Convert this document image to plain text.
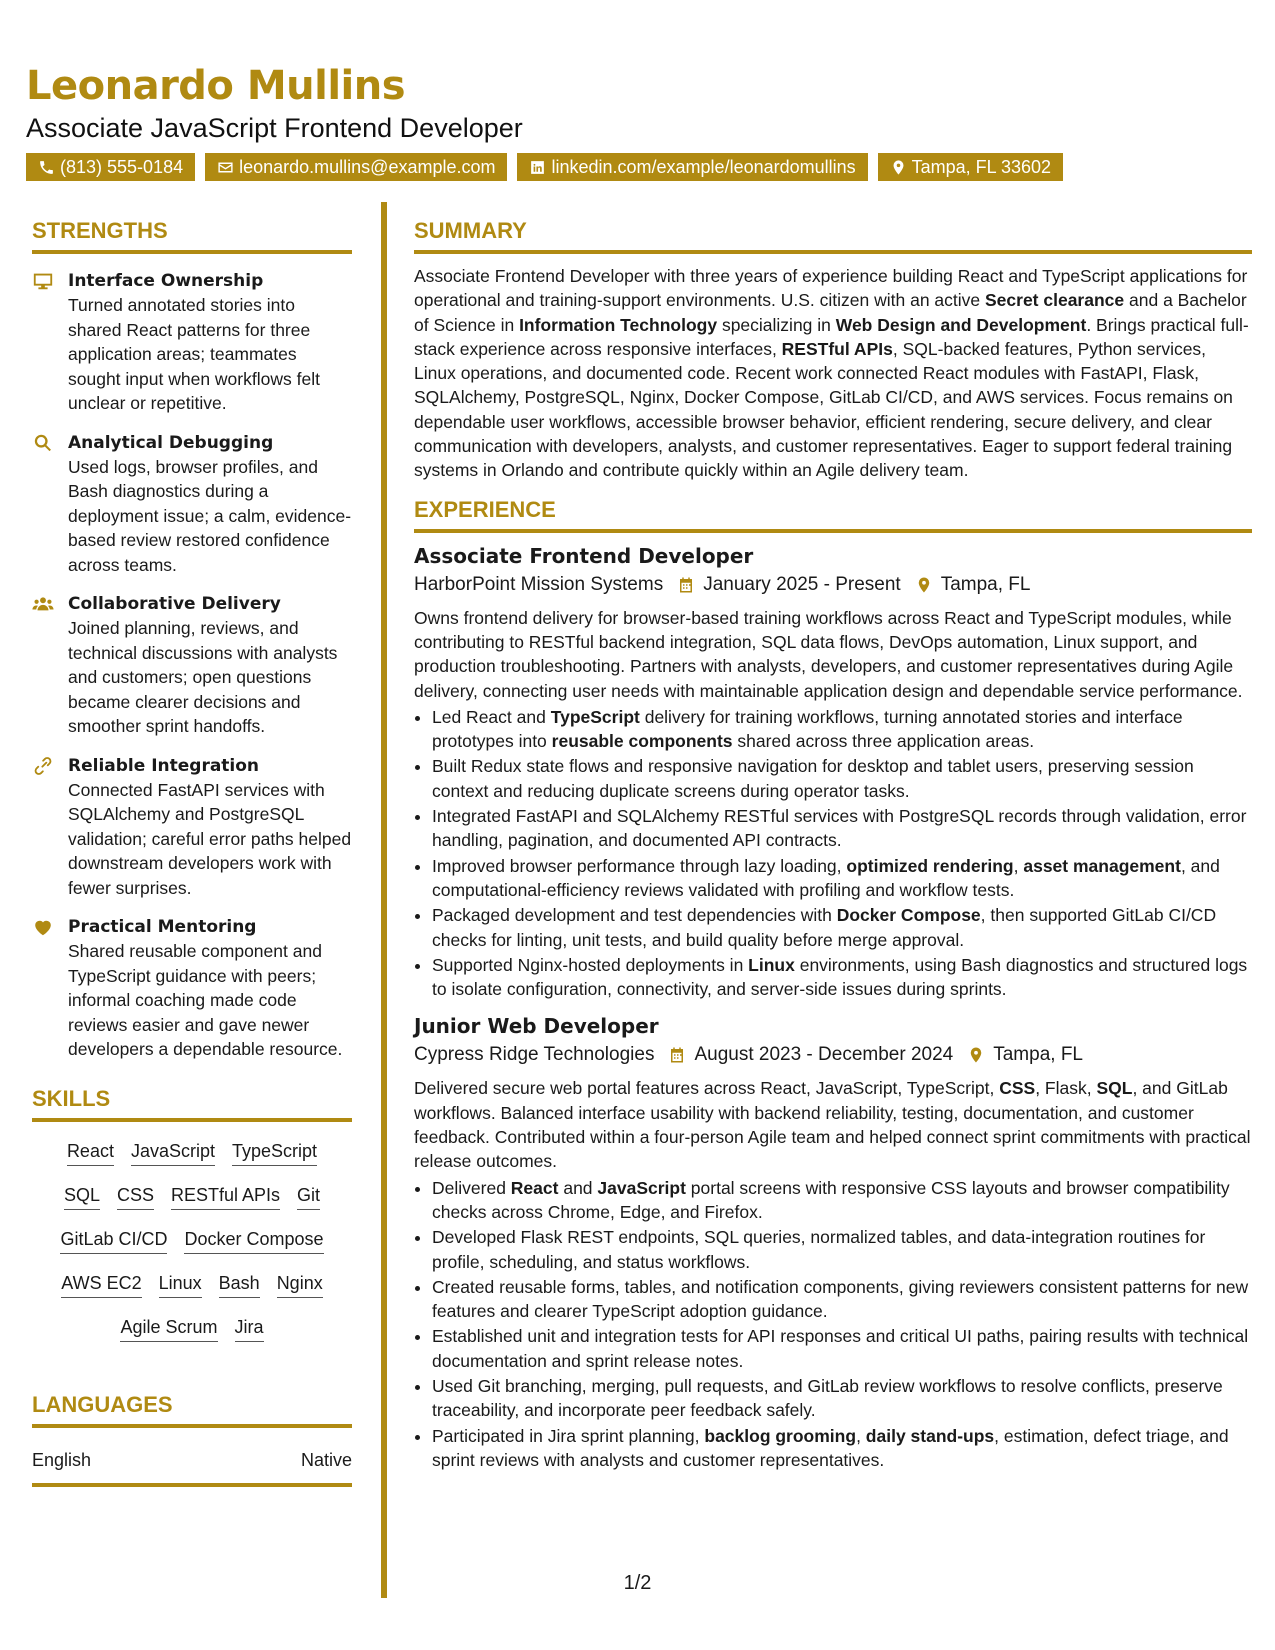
Leonardo Mullins
Associate JavaScript Frontend Developer
(813) 555-0184	leonardo.mullins@example.com	linkedin.com/example/leonardomullins	Tampa, FL 33602
STRENGTHS
Interface Ownership
Turned annotated stories into shared React patterns for three application areas; teammates sought input when workflows felt unclear or repetitive.
Analytical Debugging
Used logs, browser profiles, and Bash diagnostics during a deployment issue; a calm, evidence-based review restored confidence across teams.
Collaborative Delivery
Joined planning, reviews, and technical discussions with analysts and customers; open questions became clearer decisions and smoother sprint handoffs.
Reliable Integration
Connected FastAPI services with SQLAlchemy and PostgreSQL validation; careful error paths helped downstream developers work with fewer surprises.
Practical Mentoring
Shared reusable component and TypeScript guidance with peers; informal coaching made code reviews easier and gave newer developers a dependable resource.
SKILLS
React JavaScript TypeScript
SQL CSS RESTful APIs Git
GitLab CI/CD Docker Compose
AWS EC2 Linux Bash Nginx
Agile Scrum Jira
LANGUAGES
English	Native
SUMMARY
Associate Frontend Developer with three years of experience building React and TypeScript applications for operational and training-support environments. U.S. citizen with an active Secret clearance and a Bachelor of Science in Information Technology specializing in Web Design and Development. Brings practical full-stack experience across responsive interfaces, RESTful APIs, SQL-backed features, Python services, Linux operations, and documented code. Recent work connected React modules with FastAPI, Flask, SQLAlchemy, PostgreSQL, Nginx, Docker Compose, GitLab CI/CD, and AWS services. Focus remains on dependable user workflows, accessible browser behavior, efficient rendering, secure delivery, and clear communication with developers, analysts, and customer representatives. Eager to support federal training systems in Orlando and contribute quickly within an Agile delivery team.
EXPERIENCE
Associate Frontend Developer
HarborPoint Mission Systems January 2025 - Present Tampa, FL
Owns frontend delivery for browser-based training workflows across React and TypeScript modules, while contributing to RESTful backend integration, SQL data flows, DevOps automation, Linux support, and production troubleshooting. Partners with analysts, developers, and customer representatives during Agile delivery, connecting user needs with maintainable application design and dependable service performance.
• Led React and TypeScript delivery for training workflows, turning annotated stories and interface prototypes into reusable components shared across three application areas.
• Built Redux state flows and responsive navigation for desktop and tablet users, preserving session context and reducing duplicate screens during operator tasks.
• Integrated FastAPI and SQLAlchemy RESTful services with PostgreSQL records through validation, error handling, pagination, and documented API contracts.
• Improved browser performance through lazy loading, optimized rendering, asset management, and computational-efficiency reviews validated with profiling and workflow tests.
• Packaged development and test dependencies with Docker Compose, then supported GitLab CI/CD checks for linting, unit tests, and build quality before merge approval.
• Supported Nginx-hosted deployments in Linux environments, using Bash diagnostics and structured logs to isolate configuration, connectivity, and server-side issues during sprints.
Junior Web Developer
Cypress Ridge Technologies August 2023 - December 2024 Tampa, FL
Delivered secure web portal features across React, JavaScript, TypeScript, CSS, Flask, SQL, and GitLab workflows. Balanced interface usability with backend reliability, testing, documentation, and customer feedback. Contributed within a four-person Agile team and helped connect sprint commitments with practical release outcomes.
• Delivered React and JavaScript portal screens with responsive CSS layouts and browser compatibility checks across Chrome, Edge, and Firefox.
• Developed Flask REST endpoints, SQL queries, normalized tables, and data-integration routines for profile, scheduling, and status workflows.
• Created reusable forms, tables, and notification components, giving reviewers consistent patterns for new features and clearer TypeScript adoption guidance.
• Established unit and integration tests for API responses and critical UI paths, pairing results with technical documentation and sprint release notes.
• Used Git branching, merging, pull requests, and GitLab review workflows to resolve conflicts, preserve traceability, and incorporate peer feedback safely.
• Participated in Jira sprint planning, backlog grooming, daily stand-ups, estimation, defect triage, and sprint reviews with analysts and customer representatives.
1/2
